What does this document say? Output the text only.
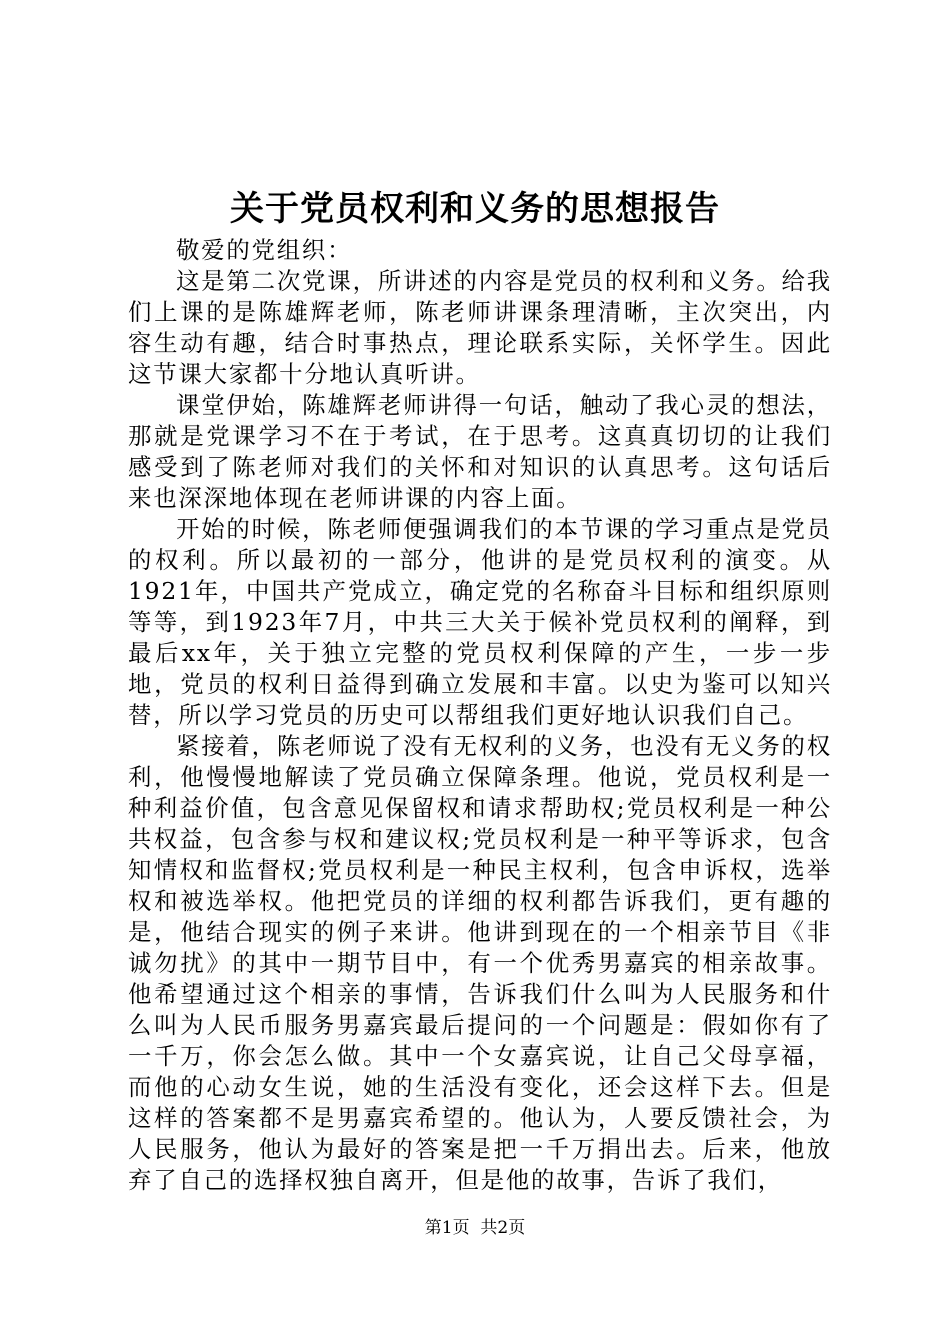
关于党员权利和义务的思想报告

敬爱的党组织：

这是第二次党课，所讲述的内容是党员的权利和义务。给我们上课的是陈雄辉老师，陈老师讲课条理清晰，主次突出，内容生动有趣，结合时事热点，理论联系实际，关怀学生。因此这节课大家都十分地认真听讲。

课堂伊始，陈雄辉老师讲得一句话，触动了我心灵的想法，那就是党课学习不在于考试，在于思考。这真真切切的让我们感受到了陈老师对我们的关怀和对知识的认真思考。这句话后来也深深地体现在老师讲课的内容上面。

开始的时候，陈老师便强调我们的本节课的学习重点是党员的权利。所以最初的一部分，他讲的是党员权利的演变。从1921年，中国共产党成立，确定党的名称奋斗目标和组织原则等等，到1923年7月，中共三大关于候补党员权利的阐释，到最后xx年，关于独立完整的党员权利保障的产生，一步一步地，党员的权利日益得到确立发展和丰富。以史为鉴可以知兴替，所以学习党员的历史可以帮组我们更好地认识我们自己。

紧接着，陈老师说了没有无权利的义务，也没有无义务的权利，他慢慢地解读了党员确立保障条理。他说，党员权利是一种利益价值，包含意见保留权和请求帮助权;党员权利是一种公共权益，包含参与权和建议权;党员权利是一种平等诉求，包含知情权和监督权;党员权利是一种民主权利，包含申诉权，选举权和被选举权。他把党员的详细的权利都告诉我们，更有趣的是，他结合现实的例子来讲。他讲到现在的一个相亲节目《非诚勿扰》的其中一期节目中，有一个优秀男嘉宾的相亲故事。他希望通过这个相亲的事情，告诉我们什么叫为人民服务和什么叫为人民币服务男嘉宾最后提问的一个问题是：假如你有了一千万，你会怎么做。其中一个女嘉宾说，让自己父母享福，而他的心动女生说，她的生活没有变化，还会这样下去。但是这样的答案都不是男嘉宾希望的。他认为，人要反馈社会，为人民服务，他认为最好的答案是把一千万捐出去。后来，他放弃了自己的选择权独自离开，但是他的故事，告诉了我们，

第1页 共2页
